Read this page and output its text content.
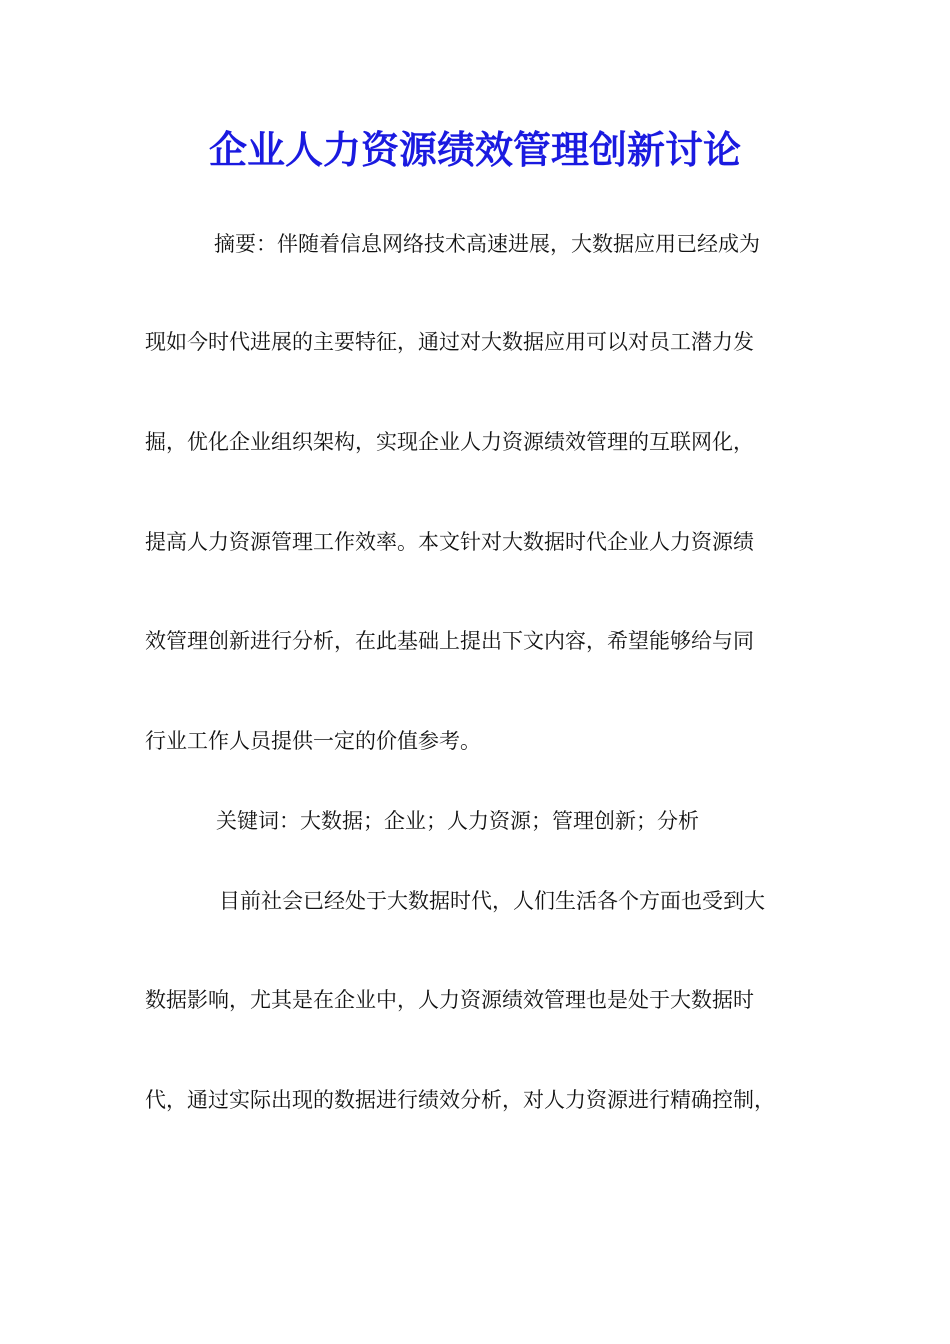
企业人力资源绩效管理创新讨论

摘要：伴随着信息网络技术高速进展，大数据应用已经成为

现如今时代进展的主要特征，通过对大数据应用可以对员工潜力发

掘，优化企业组织架构，实现企业人力资源绩效管理的互联网化，

提高人力资源管理工作效率。本文针对大数据时代企业人力资源绩

效管理创新进行分析，在此基础上提出下文内容，希望能够给与同

行业工作人员提供一定的价值参考。

关键词：大数据；企业；人力资源；管理创新；分析

目前社会已经处于大数据时代，人们生活各个方面也受到大

数据影响，尤其是在企业中，人力资源绩效管理也是处于大数据时

代，通过实际出现的数据进行绩效分析，对人力资源进行精确控制，
